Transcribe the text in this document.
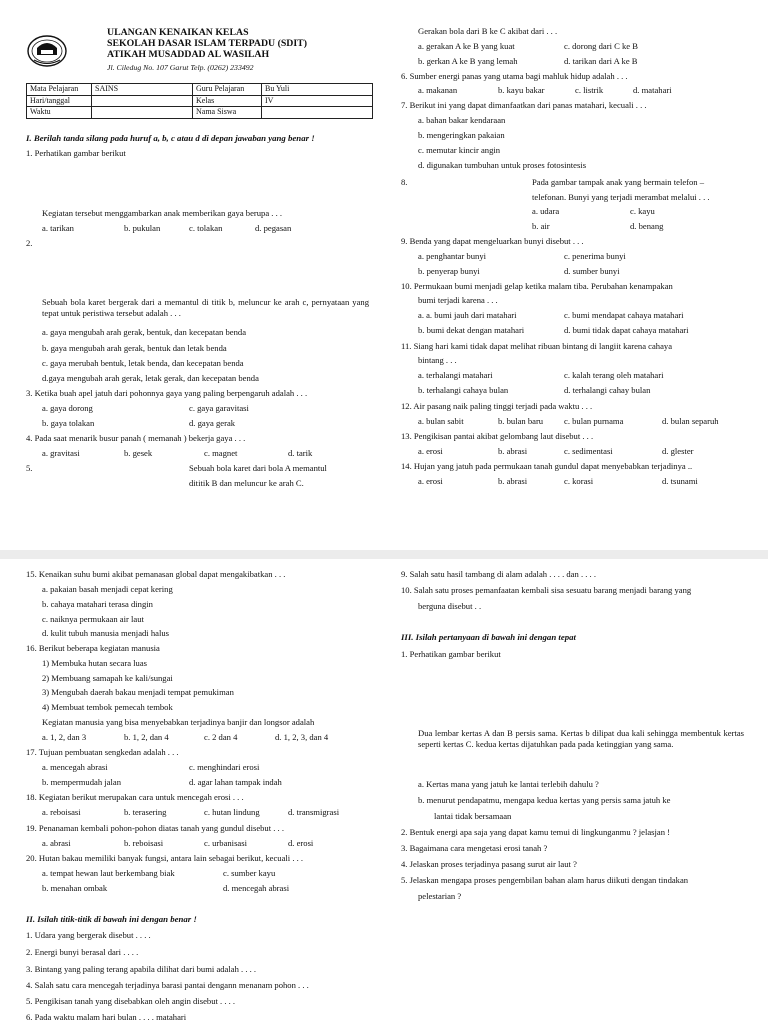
ULANGAN KENAIKAN KELAS
SEKOLAH DASAR ISLAM TERPADU (SDIT)
ATIKAH MUSADDAD AL WASILAH
Jl. Ciledug No. 107 Garut Telp. (0262) 233492
Mata Pelajaran	SAINS	Guru Pelajaran	Bu Yuli
Hari/tanggal		Kelas	IV
Waktu		Nama Siswa	
I. Berilah tanda silang pada huruf a, b, c atau d di depan jawaban yang benar !
1. Perhatikan gambar berikut
Kegiatan tersebut menggambarkan anak memberikan gaya berupa . . .
a. tarikan	b. pukulan	c. tolakan	d. pegasan
2.
Sebuah bola karet bergerak dari a memantul di titik b, meluncur ke arah c, pernyataan yang tepat untuk peristiwa tersebut adalah . . .
a. gaya mengubah arah gerak, bentuk, dan kecepatan benda
b. gaya mengubah arah gerak, bentuk dan letak benda
c. gaya merubah bentuk, letak benda, dan kecepatan benda
d.gaya mengubah arah gerak, letak gerak, dan kecepatan benda
3. Ketika buah apel jatuh dari pohonnya gaya yang paling berpengaruh adalah . . .
a. gaya dorong	c. gaya garavitasi
b. gaya tolakan	d. gaya gerak
4. Pada saat menarik busur panah ( memanah ) bekerja gaya . . .
a. gravitasi	b. gesek	c. magnet	d. tarik
5.	Sebuah bola karet dari bola A memantul
dititik B dan meluncur ke arah C.
Gerakan bola dari B ke C akibat dari . . .
a. gerakan A ke B yang kuat	c. dorong dari C ke B
b. gerkan A ke B yang lemah	d. tarikan dari A ke B
6. Sumber energi panas yang utama bagi mahluk hidup adalah . . .
a. makanan	b. kayu bakar	c. listrik	d. matahari
7. Berikut ini yang dapat dimanfaatkan dari panas matahari, kecuali . . .
a. bahan bakar kendaraan
b. mengeringkan pakaian
c. memutar kincir angin
d. digunakan tumbuhan untuk proses fotosintesis
8.	Pada gambar tampak anak yang bermain telefon –
telefonan. Bunyi yang terjadi merambat melalui . . .
a. udara	c. kayu
b. air	d. benang
9. Benda yang dapat mengeluarkan bunyi disebut . . .
a. penghantar bunyi	c. penerima bunyi
b. penyerap bunyi	d. sumber bunyi
10. Permukaan bumi menjadi gelap ketika malam tiba. Perubahan kenampakan
bumi terjadi karena . . .
a. a. bumi jauh dari matahari	c. bumi mendapat cahaya matahari
b. bumi dekat dengan matahari	d. bumi tidak dapat cahaya matahari
11. Siang hari kami tidak dapat melihat ribuan bintang di langiit karena cahaya
bintang . . .
a. terhalangi matahari	c. kalah terang oleh matahari
b. terhalangi cahaya bulan	d. terhalangi cahay bulan
12. Air pasang naik paling tinggi terjadi pada waktu . . .
a. bulan sabit	b. bulan baru c. bulan purnama	d. bulan separuh
13. Pengikisan pantai akibat gelombang laut disebut . . .
a. erosi	b. abrasi	c. sedimentasi	d. glester
14. Hujan yang jatuh pada permukaan tanah gundul dapat menyebabkan terjadinya ..
a. erosi	b. abrasi	c. korasi	d. tsunami
15. Kenaikan suhu bumi akibat pemanasan global dapat mengakibatkan . . .
a. pakaian basah menjadi cepat kering
b. cahaya matahari terasa dingin
c. naiknya permukaan air laut
d. kulit tubuh manusia menjadi halus
16. Berikut beberapa kegiatan manusia
1) Membuka hutan secara luas
2) Membuang samapah ke kali/sungai
3) Mengubah daerah bakau menjadi tempat pemukiman
4) Membuat tembok pemecah tembok
Kegiatan manusia yang bisa menyebabkan terjadinya banjir dan longsor adalah
a. 1, 2, dan 3	b. 1, 2, dan 4	c. 2 dan 4	d. 1, 2, 3, dan 4
17. Tujuan pembuatan sengkedan adalah . . .
a. mencegah abrasi	c. menghindari erosi
b. mempermudah jalan	d. agar lahan tampak indah
18. Kegiatan berikut merupakan cara untuk mencegah erosi . . .
a. reboisasi	b. terasering	c. hutan lindung	d. transmigrasi
19. Penanaman kembali pohon-pohon diatas tanah yang gundul disebut . . .
a. abrasi	b. reboisasi	c. urbanisasi	d. erosi
20. Hutan bakau memiliki banyak fungsi, antara lain sebagai berikut, kecuali . . .
a. tempat hewan laut berkembang biak	c. sumber kayu
b. menahan ombak	d. mencegah abrasi
II. Isilah titik-titik di bawah ini dengan benar !
1. Udara yang bergerak disebut . . . .
2. Energi bunyi berasal dari . . . .
3. Bintang yang paling terang apabila dilihat dari bumi adalah . . . .
4. Salah satu cara mencegah terjadinya barasi pantai dengann menanam pohon . . .
5. Pengikisan tanah yang disebabkan oleh angin disebut . . . .
6. Pada waktu malam hari bulan . . . . matahari
9. Salah satu hasil tambang di alam adalah . . . . dan . . . .
10. Salah satu proses pemanfaatan kembali sisa sesuatu barang menjadi barang yang
berguna disebut . .
III. Isilah pertanyaan di bawah ini dengan tepat
1. Perhatikan gambar berikut
Dua lembar kertas A dan B persis sama. Kertas b dilipat dua kali sehingga membentuk kertas seperti kertas C. kedua kertas dijatuhkan pada pada ketinggian yang sama.
a. Kertas mana yang jatuh ke lantai terlebih dahulu ?
b. menurut pendapatmu, mengapa kedua kertas yang persis sama jatuh ke
lantai tidak bersamaan
2. Bentuk energi apa saja yang dapat kamu temui di lingkunganmu ? jelasjan !
3. Bagaimana cara mengetasi erosi tanah ?
4. Jelaskan proses terjadinya pasang surut air laut ?
5. Jelaskan mengapa proses pengembilan bahan alam harus diikuti dengan tindakan
pelestarian ?
